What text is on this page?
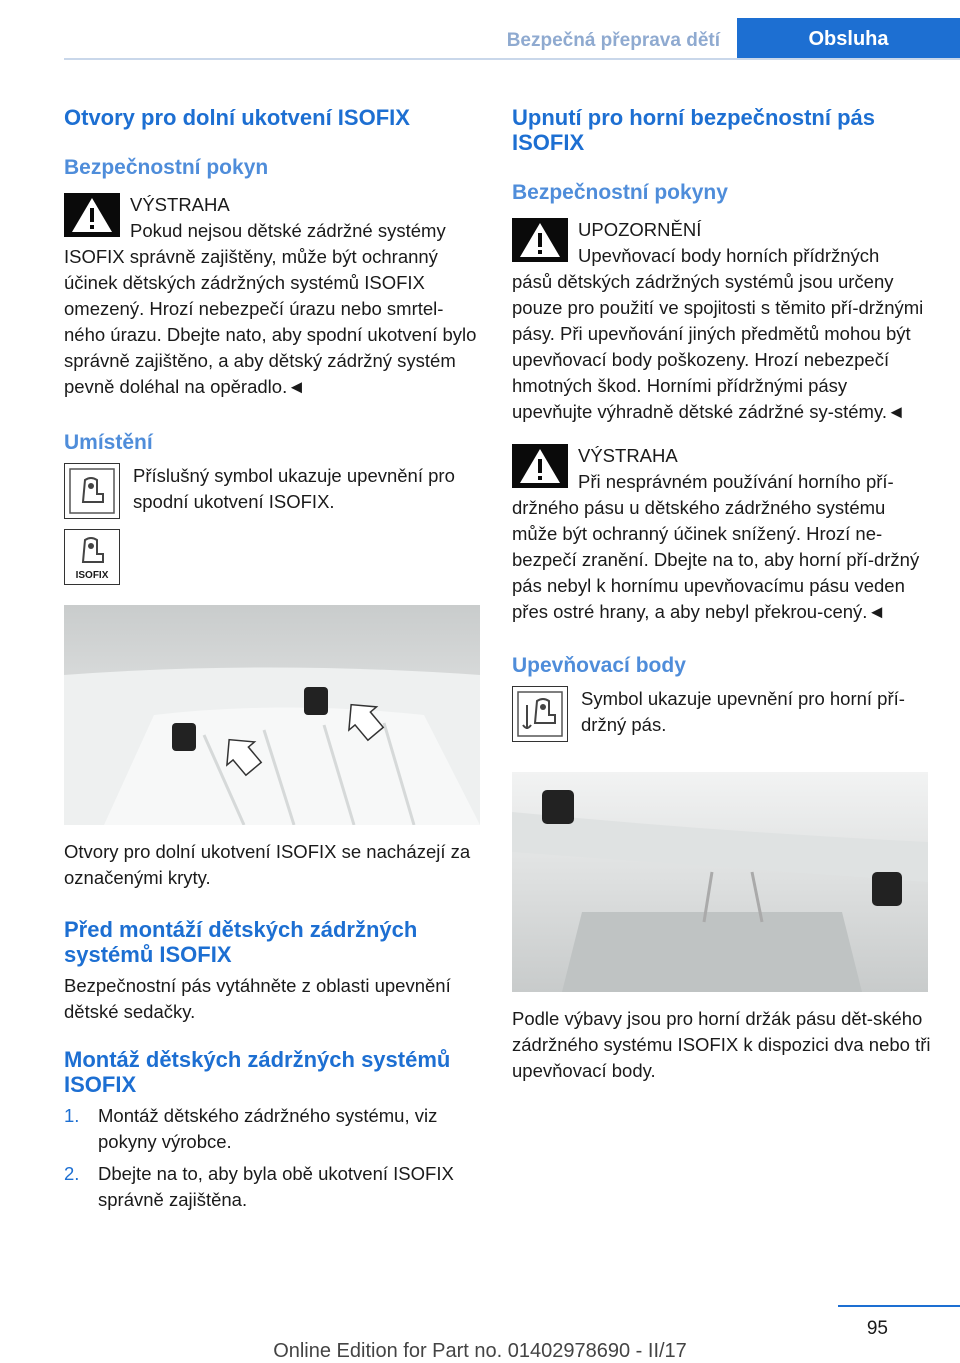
Bezpečná přeprava dětí	Obsluha
Otvory pro dolní ukotvení ISOFIX
Bezpečnostní pokyn
VÝSTRAHA
Pokud nejsou dětské zádržné systémy

ISOFIX správně zajištěny, může být ochranný účinek dětských zádržných systémů ISOFIX omezený. Hrozí nebezpečí úrazu nebo smrtel-ného úrazu. Dbejte nato, aby spodní ukotvení bylo správně zajištěno, a aby dětský zádržný systém pevně doléhal na opěradlo.◄

Umístění

Příslušný symbol ukazuje upevnění pro spodní ukotvení ISOFIX.

ISOFIX

Otvory pro dolní ukotvení ISOFIX se nacházejí za označenými kryty.

Před montáží dětských zádržných systémů ISOFIX

Bezpečnostní pás vytáhněte z oblasti upevnění dětské sedačky.

Montáž dětských zádržných systémů ISOFIX
1.	Montáž dětského zádržného systému, viz pokyny výrobce.
2.	Dbejte na to, aby byla obě ukotvení ISOFIX správně zajištěna.
Upnutí pro horní bezpečnostní pás ISOFIX
Bezpečnostní pokyny
UPOZORNĚNÍ
Upevňovací body horních přídržných

pásů dětských zádržných systémů jsou určeny pouze pro použití ve spojitosti s těmito pří-držnými pásy. Při upevňování jiných předmětů mohou být upevňovací body poškozeny. Hrozí nebezpečí hmotných škod. Horními přídržnými pásy upevňujte výhradně dětské zádržné sy-stémy.◄

VÝSTRAHA
Při nesprávném používání horního pří-

držného pásu u dětského zádržného systému může být ochranný účinek snížený. Hrozí ne-bezpečí zranění. Dbejte na to, aby horní pří-držný pás nebyl k hornímu upevňovacímu pásu veden přes ostré hrany, a aby nebyl překrou-cený.◄

Upevňovací body

Symbol ukazuje upevnění pro horní pří-držný pás.

Podle výbavy jsou pro horní držák pásu dět-ského zádržného systému ISOFIX k dispozici dva nebo tři upevňovací body.

95
Online Edition for Part no. 01402978690 - II/17
